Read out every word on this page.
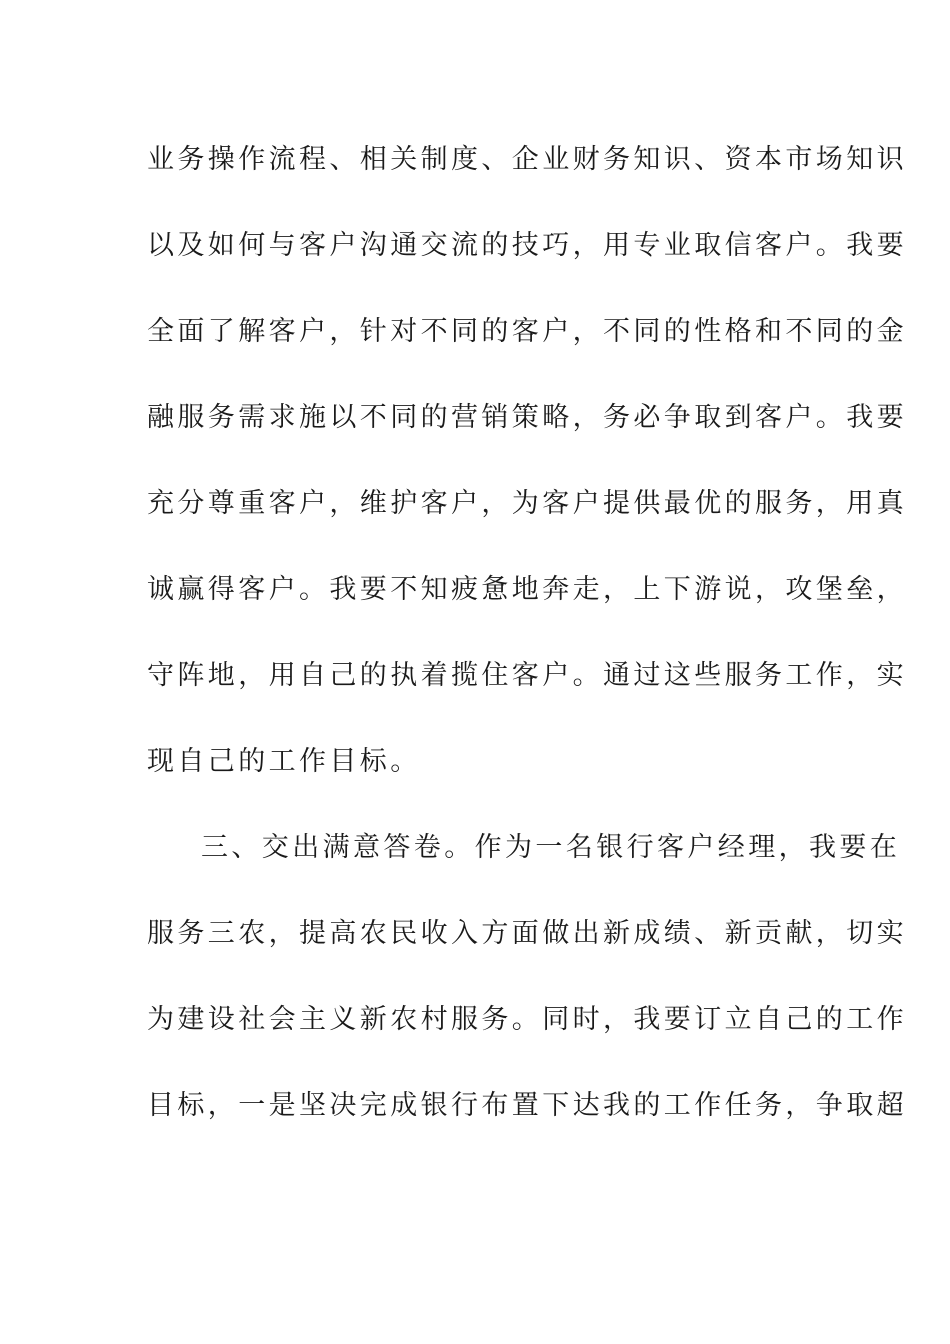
业务操作流程、相关制度、企业财务知识、资本市场知识
以及如何与客户沟通交流的技巧，用专业取信客户。我要
全面了解客户，针对不同的客户，不同的性格和不同的金
融服务需求施以不同的营销策略，务必争取到客户。我要
充分尊重客户，维护客户，为客户提供最优的服务，用真
诚赢得客户。我要不知疲惫地奔走，上下游说，攻堡垒，
守阵地，用自己的执着揽住客户。通过这些服务工作，实
现自己的工作目标。
三、交出满意答卷。作为一名银行客户经理，我要在
服务三农，提高农民收入方面做出新成绩、新贡献，切实
为建设社会主义新农村服务。同时，我要订立自己的工作
目标，一是坚决完成银行布置下达我的工作任务，争取超
